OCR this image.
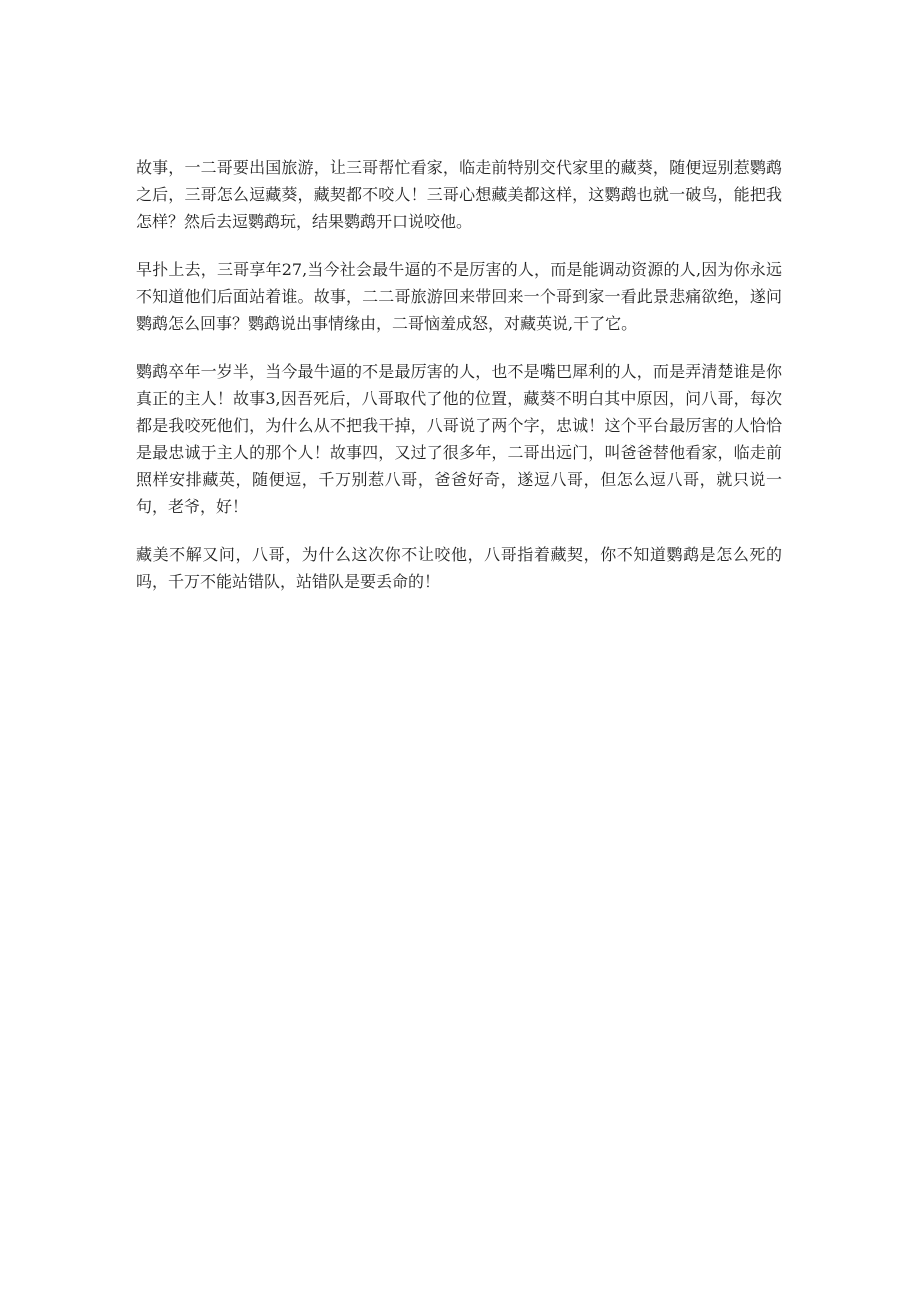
故事，一二哥要出国旅游，让三哥帮忙看家，临走前特别交代家里的藏葵，随便逗别惹鹦鹉之后，三哥怎么逗藏葵，藏契都不咬人！三哥心想藏美都这样，这鹦鹉也就一破鸟，能把我怎样？然后去逗鹦鹉玩，结果鹦鹉开口说咬他。

早扑上去，三哥享年27,当今社会最牛逼的不是厉害的人，而是能调动资源的人,因为你永远不知道他们后面站着谁。故事，二二哥旅游回来带回来一个哥到家一看此景悲痛欲绝，遂问鹦鹉怎么回事？鹦鹉说出事情缘由，二哥恼羞成怒，对藏英说,干了它。

鹦鹉卒年一岁半，当今最牛逼的不是最厉害的人，也不是嘴巴犀利的人，而是弄清楚谁是你真正的主人！故事3,因吾死后，八哥取代了他的位置，藏葵不明白其中原因，问八哥，每次都是我咬死他们，为什么从不把我干掉，八哥说了两个字，忠诚！这个平台最厉害的人恰恰是最忠诚于主人的那个人！故事四，又过了很多年，二哥出远门，叫爸爸替他看家，临走前照样安排藏英，随便逗，千万别惹八哥，爸爸好奇，遂逗八哥，但怎么逗八哥，就只说一句，老爷，好！

藏美不解又问，八哥，为什么这次你不让咬他，八哥指着藏契，你不知道鹦鹉是怎么死的吗，千万不能站错队，站错队是要丢命的！
